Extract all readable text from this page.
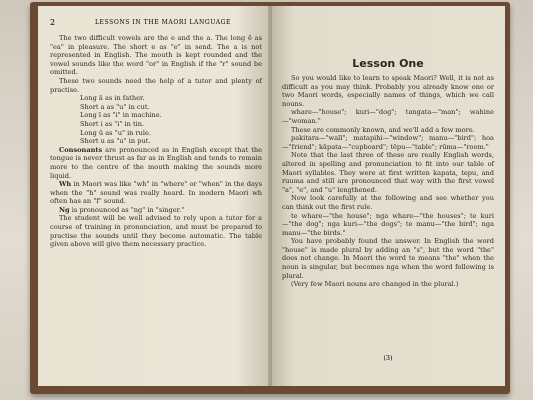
2	LESSONS IN THE MAORI LANGUAGE

The two difficult vowels are the e and the a. The long ē as "ea" in pleasure. The short e as "e" in send. The a is not represented in English. The mouth is kept rounded and the vowel sounds like the word "or" in English if the "r" sound be omitted.

These two sounds need the help of a tutor and plenty of practise.

Long ā as in father.

Short a as "u" in cut.

Long ī as "i" in machine.

Short i as "i" in tin.

Long ū as "u" in rule.

Short u as "u" in put.

Consonants are pronounced as in English except that the tongue is never thrust as far as in English and tends to remain more to the centre of the mouth making the sounds more liquid.

Wh in Maori was like "wh" in "where" or "when" in the days when the "h" sound was really heard. In modern Maori wh often has an "f" sound.

Ng is pronounced as "ng" in "singer."

The student will be well advised to rely upon a tutor for a course of training in pronunciation, and must be prepared to practise the sounds until they become automatic. The table given above will give them necessary practice.

Lesson One

So you would like to learn to speak Maori? Well, it is not as difficult as you may think. Probably you already know one or two Maori words, especially names of things, which we call nouns.

whare—"house"; kuri—"dog"; tangata—"man"; wahine—"woman."

These are commonly known, and we'll add a few more.

pakitara—"wall"; matapihi—"window"; manu—"bird"; hoa—"friend"; kāpata—"cupboard"; tēpu—"table"; rūma—"room."

Note that the last three of these are really English words, altered in spelling and pronunciation to fit into our table of Maori syllables. They were at first written kapata, tepu, and ruuma and still are pronounced that way with the first vowel "a", "e", and "u" lengthened.

Now look carefully at the following and see whether you can think out the first rule.

te whare—"the house"; nga whare—"the houses"; te kuri—"the dog"; nga kuri—"the dogs"; te manu—"the bird"; nga manu—"the birds."

You have probably found the answer. In English the word "house" is made plural by adding an "s", but the word "the" does not change. In Maori the word te means "the" when the noun is singular, but becomes nga when the word following is plural.

(Very few Maori nouns are changed in the plural.)

(3)
